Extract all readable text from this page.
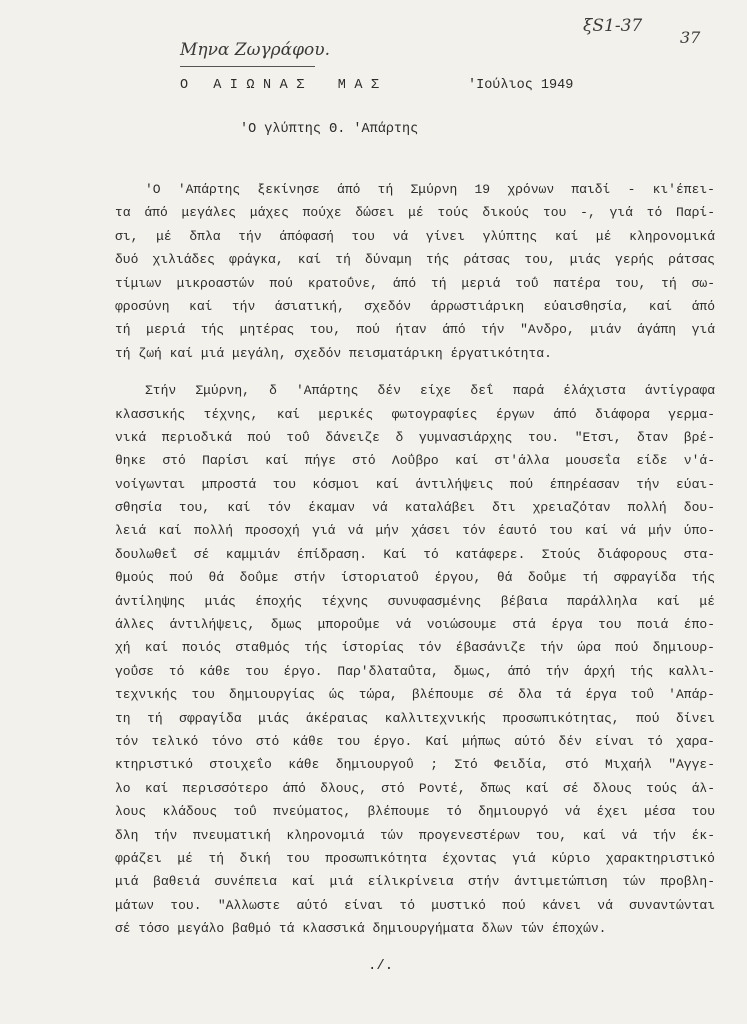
Μηνα Ζωγράφου.
ξS1-37
37
Ο   Α Ι Ω Ν Α Σ    Μ Α Σ	'Ιούλιος 1949
'Ο γλύπτης Θ. 'Απάρτης
'Ο 'Απάρτης ξεκίνησε άπό τή Σμύρνη 19 χρόνων παιδί - κι'έπει-
τα άπό μεγάλες μάχες πούχε δώσει μέ τούς δικούς του -, γιά τό Παρί-
σι, μέ δπλα τήν άπόφασή του νά γίνει γλύπτης καί μέ κληρονομικά
δυό χιλιάδες φράγκα, καί τή δύναμη τής ράτσας του, μιάς γερής ράτσας
τίμιων μικροαστών πού κρατοΰνε, άπό τή μεριά τοΰ πατέρα του, τή σω-
φροσύνη καί τήν άσιατική, σχεδόν άρρωστιάρικη εύαισθησία, καί άπό
τή μεριά τής μητέρας του, πού ήταν άπό τήν "Ανδρο, μιάν άγάπη γιά
τή ζωή καί μιά μεγάλη, σχεδόν πεισματάρικη έργατικότητα.
Στήν Σμύρνη, δ 'Απάρτης δέν είχε δεΐ παρά έλάχιστα άντίγραφα
κλασσικής τέχνης, καί μερικές φωτογραφίες έργων άπό διάφορα γερμα-
νικά περιοδικά πού τοΰ δάνειζε δ γυμνασιάρχης του. "Ετσι, δταν βρέ-
θηκε στό Παρίσι καί πήγε στό Λοΰβρο καί στ'άλλα μουσεΐα είδε ν'ά-
νοίγωνται μπροστά του κόσμοι καί άντιλήψεις πού έπηρέασαν τήν εύαι-
σθησία του, καί τόν έκαμαν νά καταλάβει δτι χρειαζόταν πολλή δου-
λειά καί πολλή προσοχή γιά νά μήν χάσει τόν έαυτό του καί νά μήν ύπο-
δουλωθεΐ σέ καμμιάν έπίδραση. Καί τό κατάφερε. Στούς διάφορους στα-
θμούς πού θά δοΰμε στήν ίστοριατοΰ έργου, θά δοΰμε τή σφραγίδα τής
άντίληψης μιάς έποχής τέχνης συνυφασμένης βέβαια παράλληλα καί μέ
άλλες άντιλήψεις, δμως μποροΰμε νά νοιώσουμε στά έργα του ποιά έπο-
χή καί ποιός σταθμός τής ίστορίας τόν έβασάνιζε τήν ώρα πού δημιουρ-
γοΰσε τό κάθε του έργο. Παρ'δλαταΰτα, δμως, άπό τήν άρχή τής καλλι-
τεχνικής του δημιουργίας ώς τώρα, βλέπουμε σέ δλα τά έργα τοΰ 'Απάρ-
τη τή σφραγίδα μιάς άκέραιας καλλιτεχνικής προσωπικότητας, πού δίνει
τόν τελικό τόνο στό κάθε του έργο. Καί μήπως αύτό δέν είναι τό χαρα-
κτηριστικό στοιχεΐο κάθε δημιουργοΰ ; Στό Φειδία, στό Μιχαήλ "Αγγε-
λο καί περισσότερο άπό δλους, στό Ροντέ, δπως καί σέ δλους τούς άλ-
λους κλάδους τοΰ πνεύματος, βλέπουμε τό δημιουργό νά έχει μέσα του
δλη τήν πνευματική κληρονομιά τών προγενεστέρων του, καί νά τήν έκ-
φράζει μέ τή δική του προσωπικότητα έχοντας γιά κύριο χαρακτηριστικό
μιά βαθειά συνέπεια καί μιά είλικρίνεια στήν άντιμετώπιση τών προβλη-
μάτων του. "Αλλωστε αύτό είναι τό μυστικό πού κάνει νά συναντώνται
σέ τόσο μεγάλο βαθμό τά κλασσικά δημιουργήματα δλων τών έποχών.
./.
